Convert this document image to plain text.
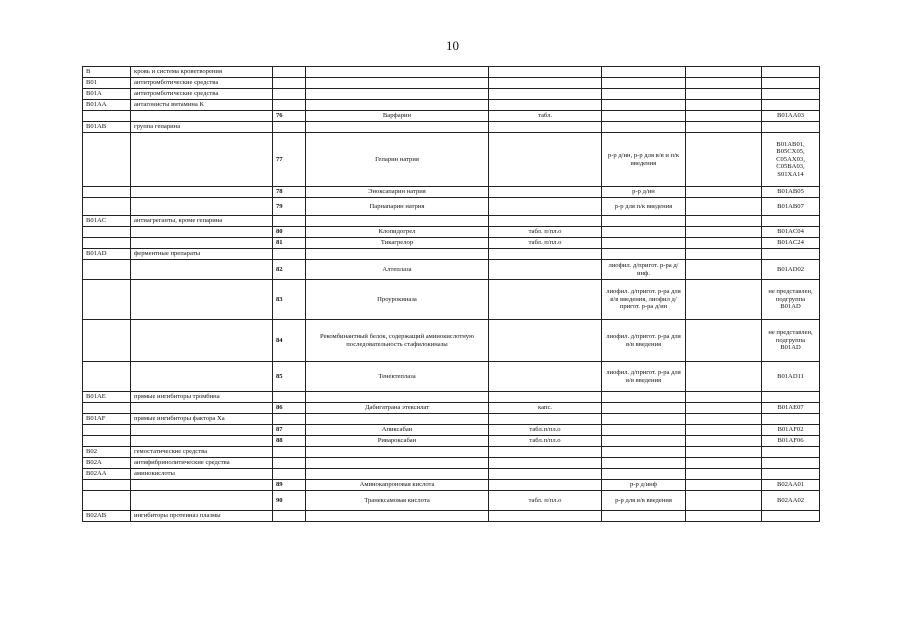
10
B	кровь и система кроветворения						
B01	антитромботические средства						
B01A	антитромботические средства						
B01AA	антагонисты витамина К						
		76	Варфарин	табл.			B01AA03
B01AB	группа гепарина						
		77	Гепарин натрия		р-р д/ин, р-р для в/в и п/к введения		B01AB01, B05CX05, C05AX03, C05BA03, S01XA14
		78	Эноксапарин натрия		р-р д/ин		B01AB05
		79	Парнапарин натрия		р-р для п/к введения		B01AB07
B01AC	антиагреганты, кроме гепарина						
		80	Клопидогрел	табл. п/пл.о			B01AC04
		81	Тикагрелор	табл. п/пл.о			B01AC24
B01AD	ферментные препараты						
		82	Алтеплаза		лиофил. д/пригот. р-ра д/инф.		B01AD02
		83	Проурокиназа		лиофил. д/пригот. р-ра для в/в введения, лиофил д/пригот. р-ра д/ин		не представлен, подгруппа B01AD
		84	Рекомбинантный белок, содержащий аминокислотную последовательность стафилокиназы		лиофил. д/пригот. р-ра для в/в введения		не представлен, подгруппа B01AD
		85	Тенектеплаза		лиофил. д/пригот. р-ра для в/в введения		B01AD11
B01AE	прямые ингибиторы тромбина						
		86	Дабигатрана этексилат	капс.			B01AE07
B01AF	прямые ингибиторы фактора Xa						
		87	Апиксабан	табл.п/пл.о			B01AF02
		88	Ривароксабан	табл.п/пл.о			B01AF06
B02	гемостатические средства						
B02A	антифибринолитические средства						
B02AA	аминокислоты						
		89	Аминокапроновая кислота		р-р д/инф		B02AA01
		90	Транексамовая кислота	табл. п/пл.о	р-р для в/в введения		B02AA02
B02AB	ингибиторы протеиназ плазмы						
